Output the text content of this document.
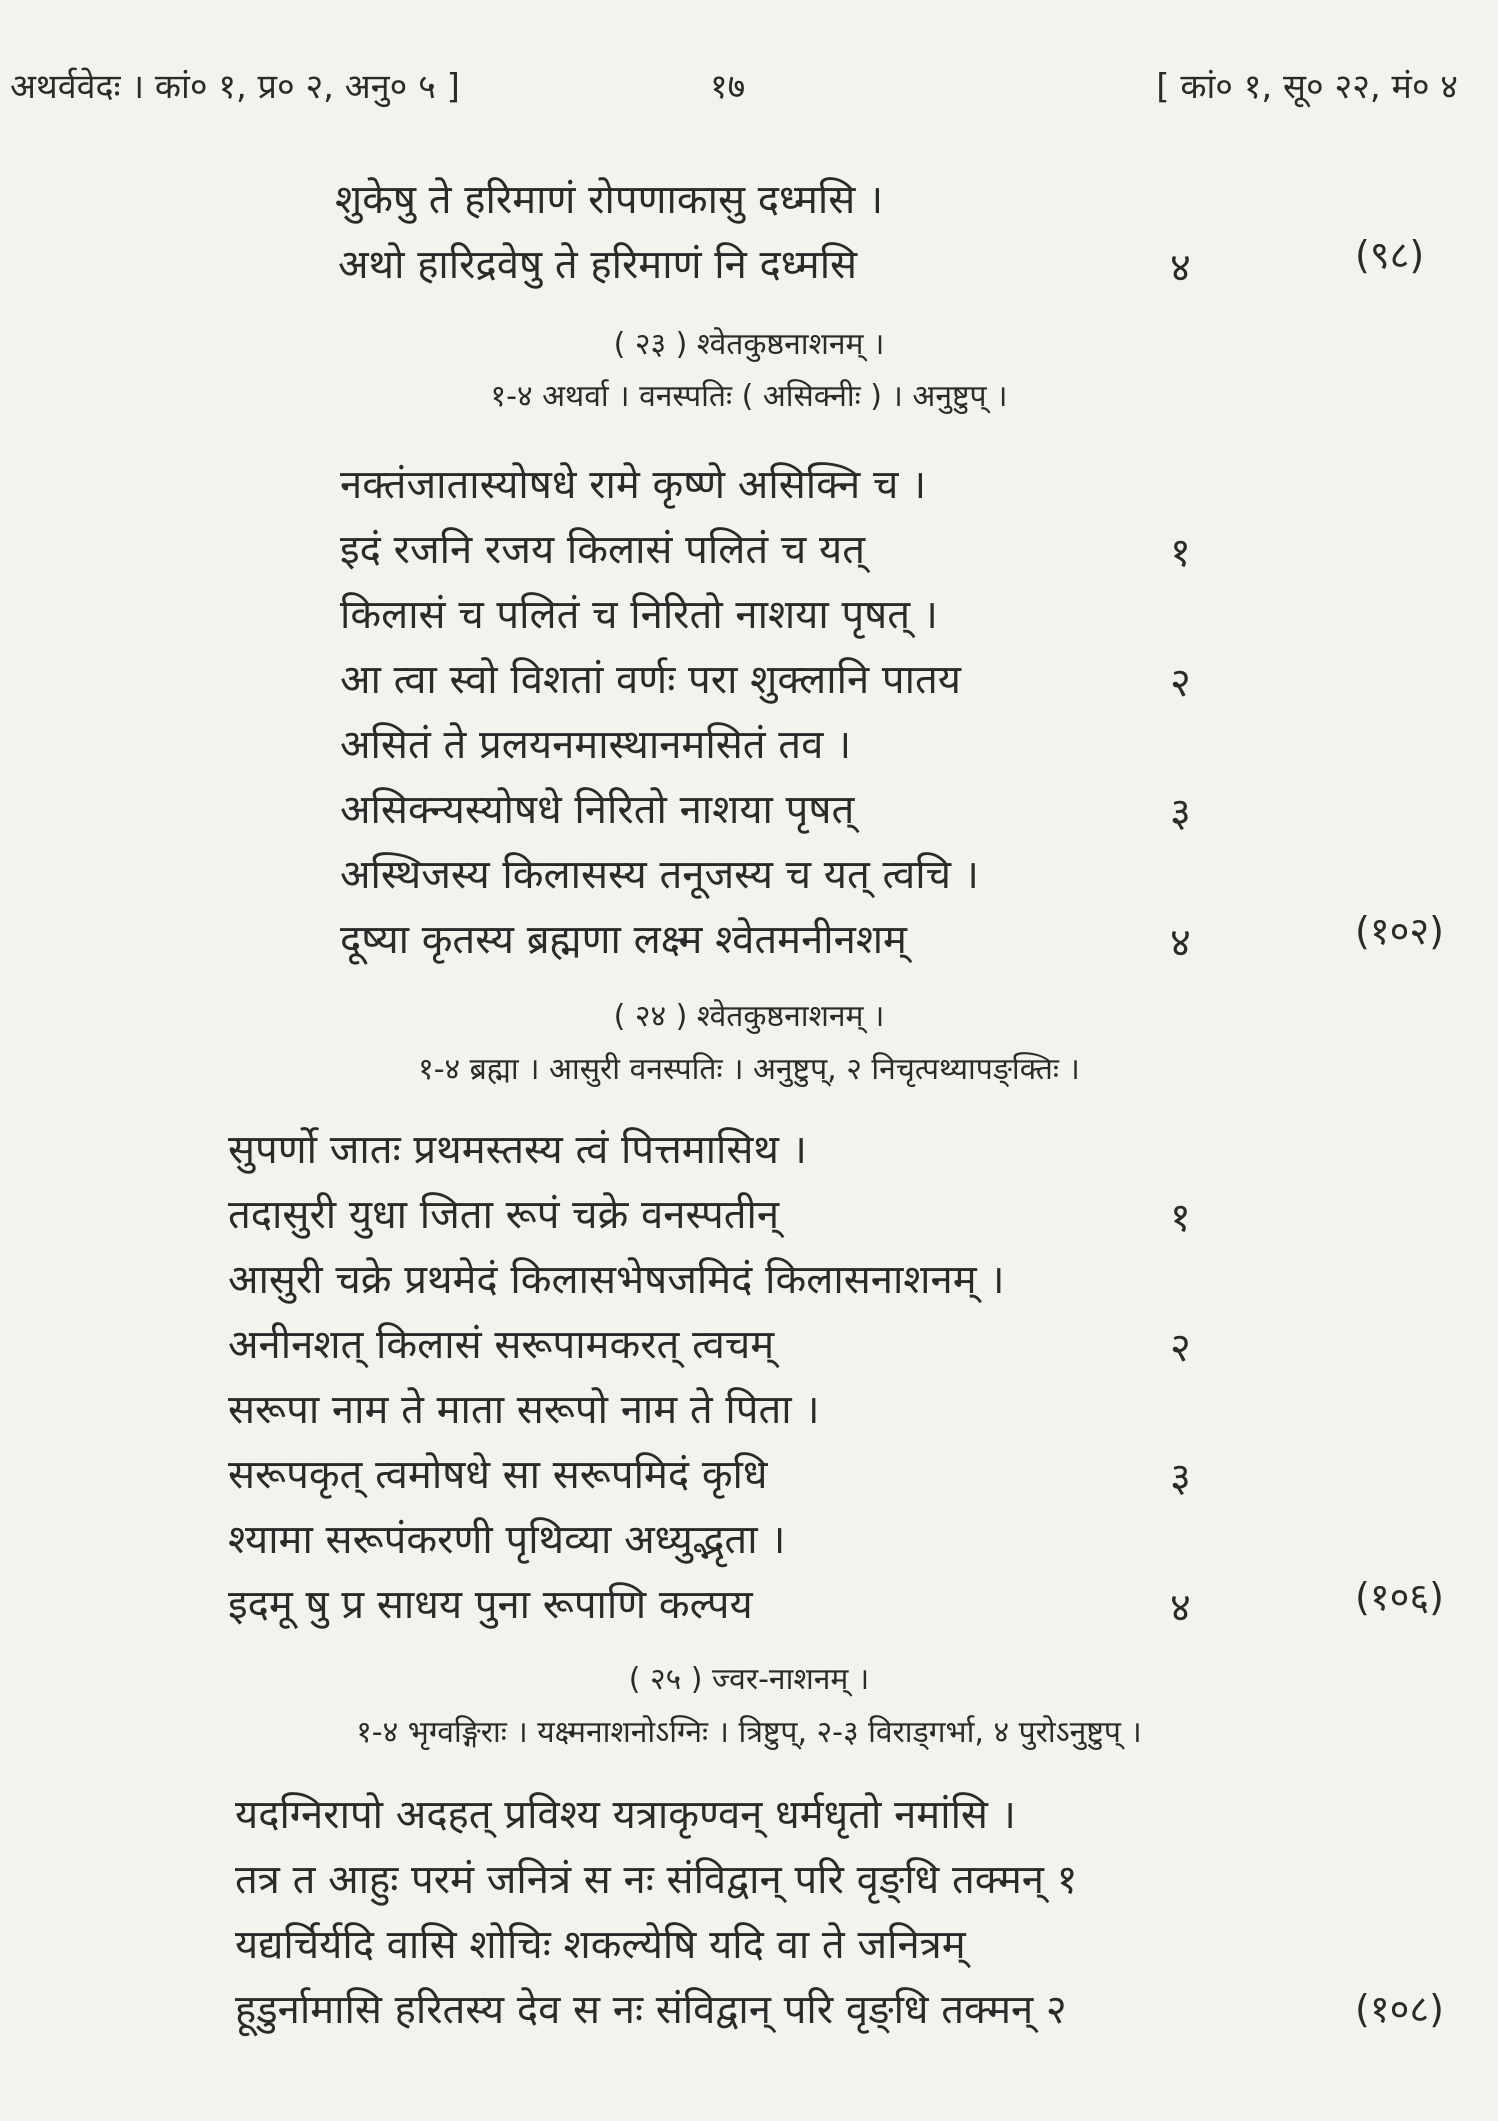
अथर्ववेदः । कां० १, प्र० २, अनु० ५ ]	१७	[ कां० १, सू० २२, मं० ४
शुकेषु ते हरिमाणं रोपणाकासु दध्मसि ।
अथो हारिद्रवेषु ते हरिमाणं नि दध्मसि	४	(९८)
( २३ ) श्वेतकुष्ठनाशनम् ।
१-४ अथर्वा । वनस्पतिः ( असिक्नीः ) । अनुष्टुप् ।
नक्तंजातास्योषधे रामे कृष्णे असिक्नि च ।
इदं रजनि रजय किलासं पलितं च यत्	१
किलासं च पलितं च निरितो नाशया पृषत् ।
आ त्वा स्वो विशतां वर्णः परा शुक्लानि पातय	२
असितं ते प्रलयनमास्थानमसितं तव ।
असिक्न्यस्योषधे निरितो नाशया पृषत्	३
अस्थिजस्य किलासस्य तनूजस्य च यत् त्वचि ।
दूष्या कृतस्य ब्रह्मणा लक्ष्म श्वेतमनीनशम्	४	(१०२)
( २४ ) श्वेतकुष्ठनाशनम् ।
१-४ ब्रह्मा । आसुरी वनस्पतिः । अनुष्टुप्, २ निचृत्पथ्यापङ्क्तिः ।
सुपर्णो जातः प्रथमस्तस्य त्वं पित्तमासिथ ।
तदासुरी युधा जिता रूपं चक्रे वनस्पतीन्	१
आसुरी चक्रे प्रथमेदं किलासभेषजमिदं किलासनाशनम् ।
अनीनशत् किलासं सरूपामकरत् त्वचम्	२
सरूपा नाम ते माता सरूपो नाम ते पिता ।
सरूपकृत् त्वमोषधे सा सरूपमिदं कृधि	३
श्यामा सरूपंकरणी पृथिव्या अध्युद्भृता ।
इदमू षु प्र साधय पुना रूपाणि कल्पय	४	(१०६)
( २५ ) ज्वर-नाशनम् ।
१-४ भृग्वङ्गिराः । यक्ष्मनाशनोऽग्निः । त्रिष्टुप्, २-३ विराड्गर्भा, ४ पुरोऽनुष्टुप् ।
यदग्निरापो अदहत् प्रविश्य यत्राकृण्वन् धर्मधृतो नमांसि ।
तत्र त आहुः परमं जनित्रं स नः संविद्वान् परि वृङ्धि तक्मन् १
यद्यर्चिर्यदि वासि शोचिः शकल्येषि यदि वा ते जनित्रम्
हूडुर्नामासि हरितस्य देव स नः संविद्वान् परि वृङ्धि तक्मन् २	(१०८)
